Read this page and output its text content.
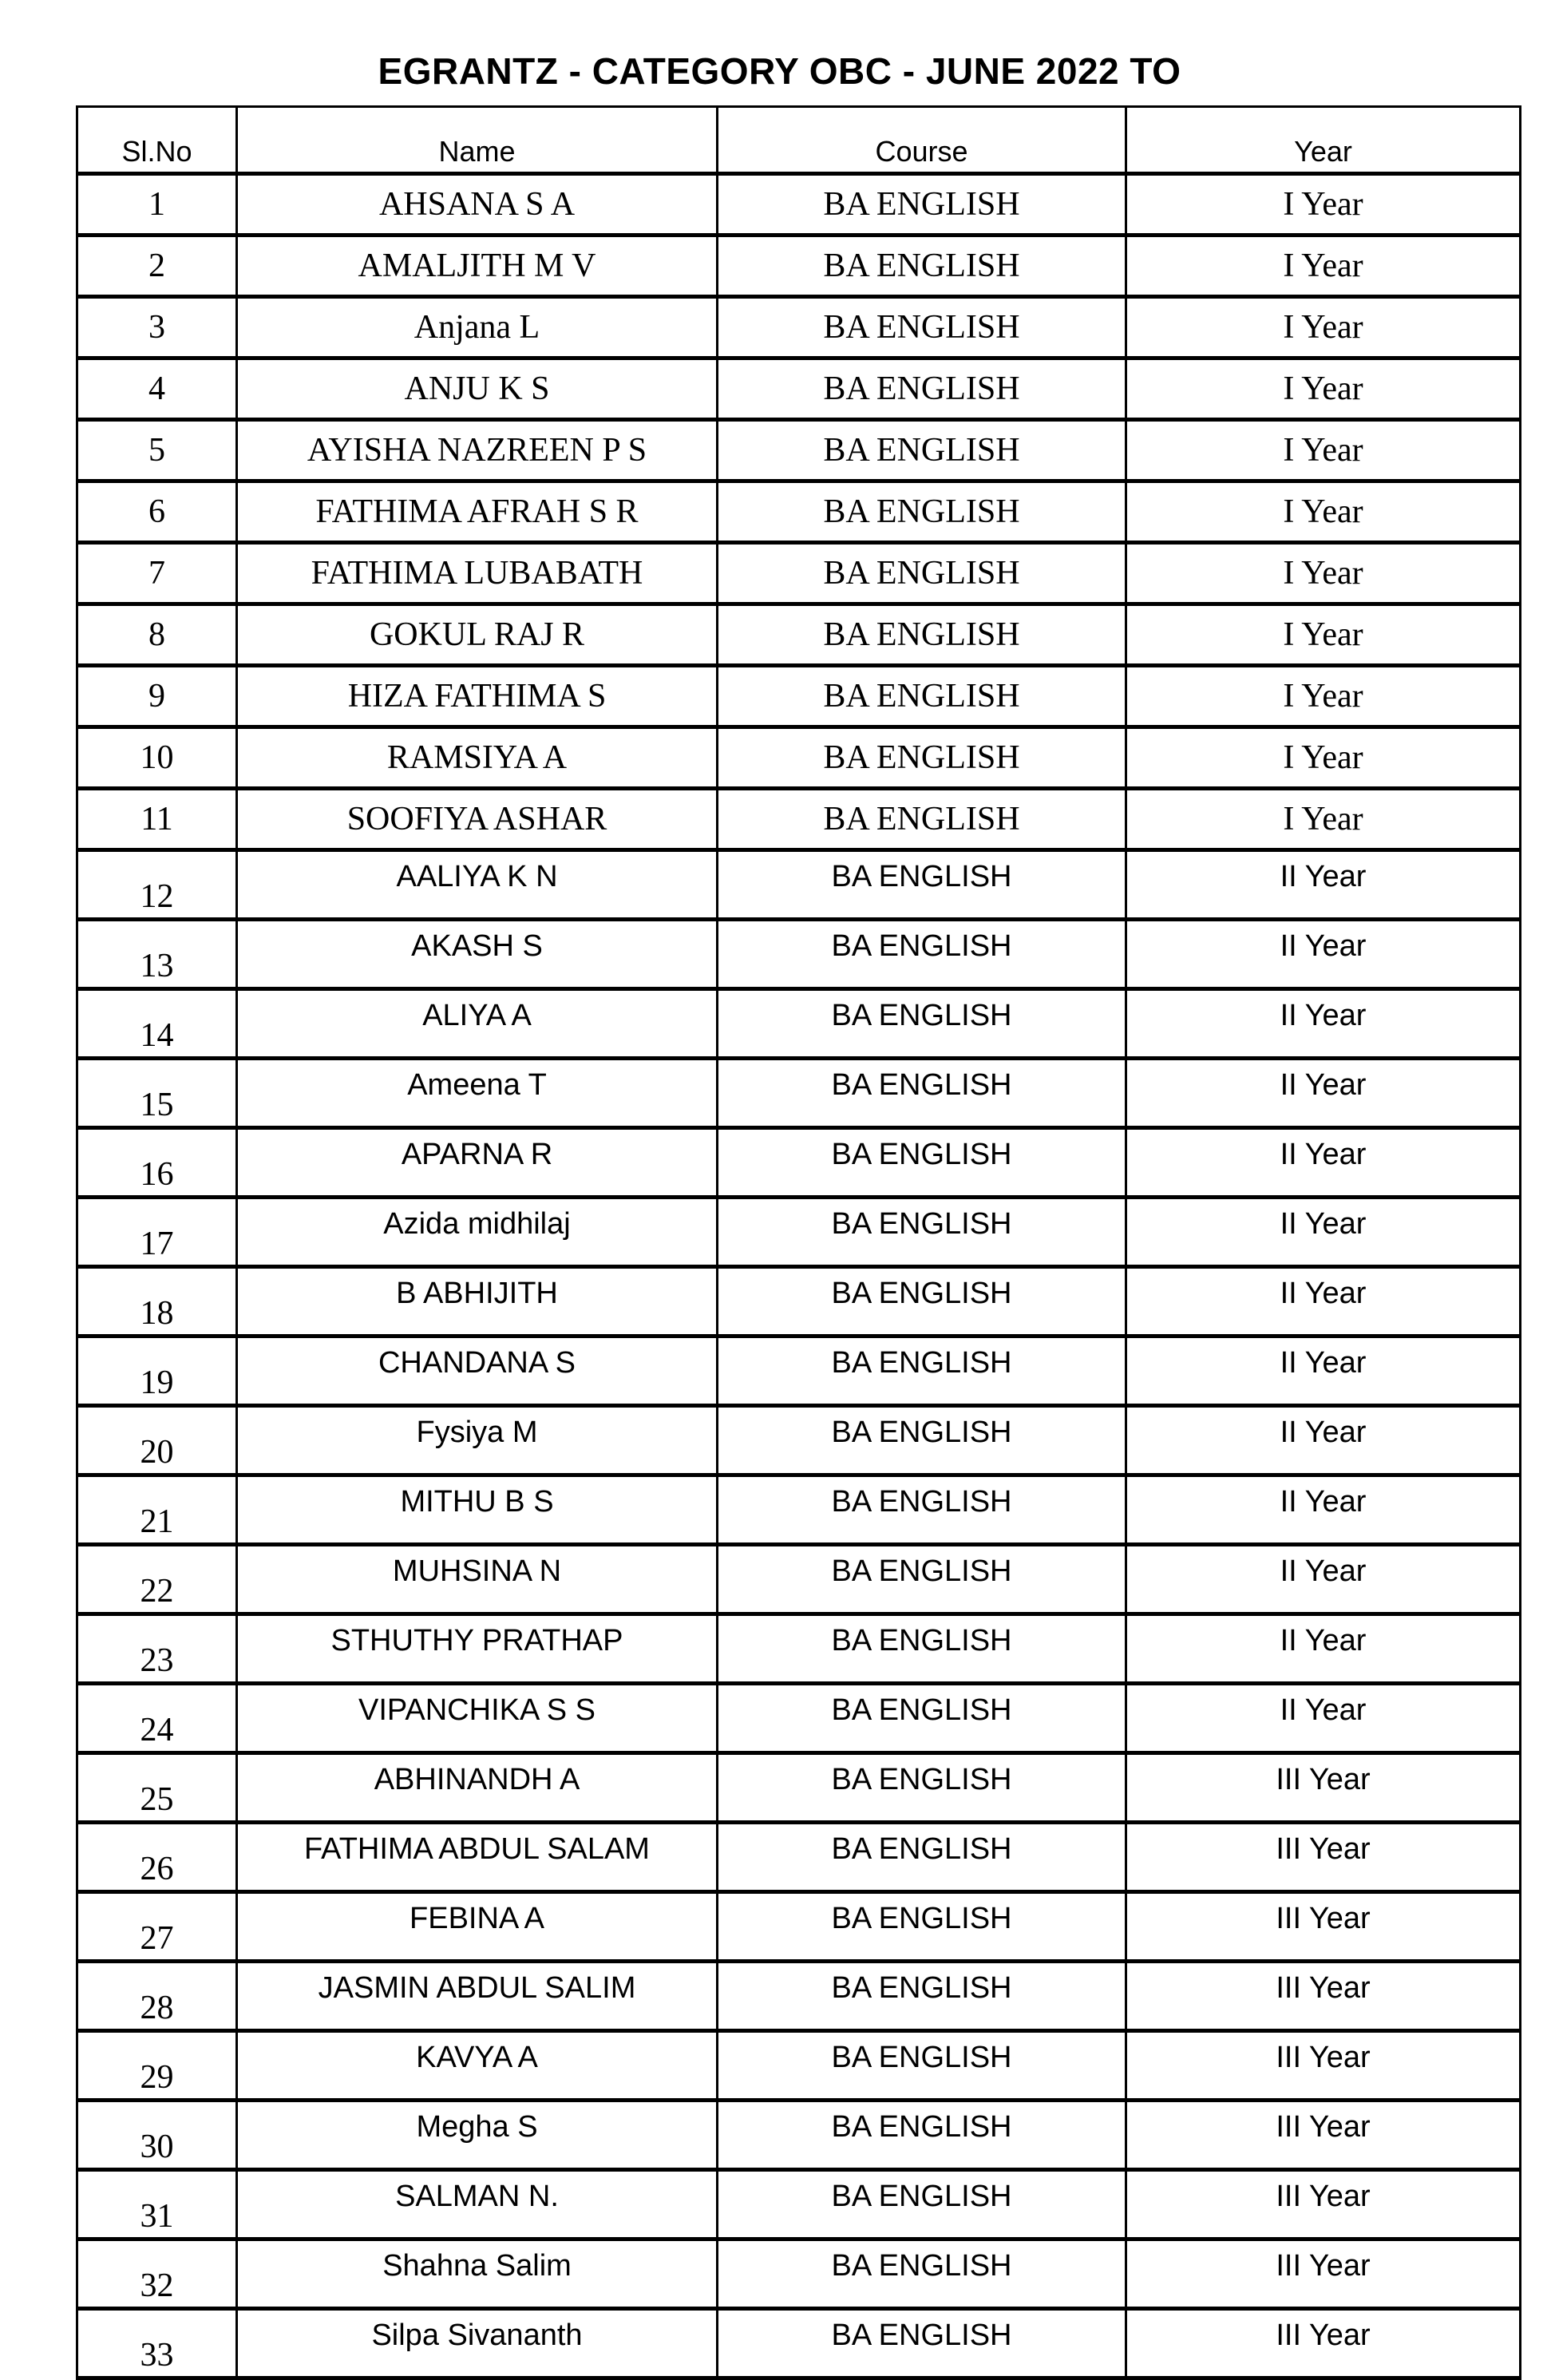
EGRANTZ - CATEGORY OBC - JUNE 2022 TO
Sl.No	Name	Course	Year
1	AHSANA S A	BA ENGLISH	I Year
2	AMALJITH M V	BA ENGLISH	I Year
3	Anjana L	BA ENGLISH	I Year
4	ANJU K S	BA ENGLISH	I Year
5	AYISHA NAZREEN P S	BA ENGLISH	I Year
6	FATHIMA AFRAH S R	BA ENGLISH	I Year
7	FATHIMA LUBABATH	BA ENGLISH	I Year
8	GOKUL RAJ R	BA ENGLISH	I Year
9	HIZA FATHIMA S	BA ENGLISH	I Year
10	RAMSIYA A	BA ENGLISH	I Year
11	SOOFIYA ASHAR	BA ENGLISH	I Year
12	AALIYA K N	BA ENGLISH	II Year
13	AKASH S	BA ENGLISH	II Year
14	ALIYA A	BA ENGLISH	II Year
15	Ameena T	BA ENGLISH	II Year
16	APARNA R	BA ENGLISH	II Year
17	Azida midhilaj	BA ENGLISH	II Year
18	B ABHIJITH	BA ENGLISH	II Year
19	CHANDANA S	BA ENGLISH	II Year
20	Fysiya M	BA ENGLISH	II Year
21	MITHU B S	BA ENGLISH	II Year
22	MUHSINA N	BA ENGLISH	II Year
23	STHUTHY PRATHAP	BA ENGLISH	II Year
24	VIPANCHIKA S S	BA ENGLISH	II Year
25	ABHINANDH A	BA ENGLISH	III Year
26	FATHIMA ABDUL SALAM	BA ENGLISH	III Year
27	FEBINA A	BA ENGLISH	III Year
28	JASMIN ABDUL SALIM	BA ENGLISH	III Year
29	KAVYA A	BA ENGLISH	III Year
30	Megha S	BA ENGLISH	III Year
31	SALMAN N.	BA ENGLISH	III Year
32	Shahna Salim	BA ENGLISH	III Year
33	Silpa Sivananth	BA ENGLISH	III Year
